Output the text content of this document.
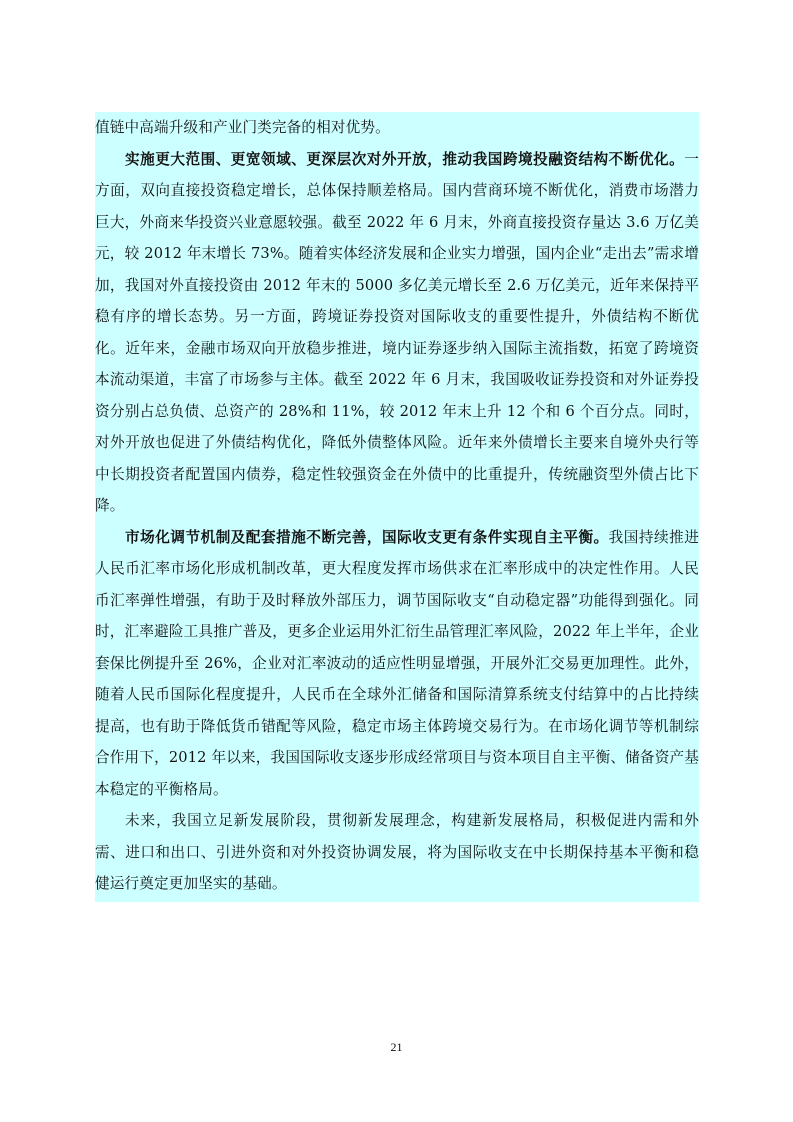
值链中高端升级和产业门类完备的相对优势。

实施更大范围、更宽领域、更深层次对外开放，推动我国跨境投融资结构不断优化。一方面，双向直接投资稳定增长，总体保持顺差格局。国内营商环境不断优化，消费市场潜力巨大，外商来华投资兴业意愿较强。截至 2022 年 6 月末，外商直接投资存量达 3.6 万亿美元，较 2012 年末增长 73%。随着实体经济发展和企业实力增强，国内企业“走出去”需求增加，我国对外直接投资由 2012 年末的 5000 多亿美元增长至 2.6 万亿美元，近年来保持平稳有序的增长态势。另一方面，跨境证券投资对国际收支的重要性提升，外债结构不断优化。近年来，金融市场双向开放稳步推进，境内证券逐步纳入国际主流指数，拓宽了跨境资本流动渠道，丰富了市场参与主体。截至 2022 年 6 月末，我国吸收证券投资和对外证券投资分别占总负债、总资产的 28%和 11%，较 2012 年末上升 12 个和 6 个百分点。同时，对外开放也促进了外债结构优化，降低外债整体风险。近年来外债增长主要来自境外央行等中长期投资者配置国内债券，稳定性较强资金在外债中的比重提升，传统融资型外债占比下降。

市场化调节机制及配套措施不断完善，国际收支更有条件实现自主平衡。我国持续推进人民币汇率市场化形成机制改革，更大程度发挥市场供求在汇率形成中的决定性作用。人民币汇率弹性增强，有助于及时释放外部压力，调节国际收支“自动稳定器”功能得到强化。同时，汇率避险工具推广普及，更多企业运用外汇衍生品管理汇率风险，2022 年上半年，企业套保比例提升至 26%，企业对汇率波动的适应性明显增强，开展外汇交易更加理性。此外，随着人民币国际化程度提升，人民币在全球外汇储备和国际清算系统支付结算中的占比持续提高，也有助于降低货币错配等风险，稳定市场主体跨境交易行为。在市场化调节等机制综合作用下，2012 年以来，我国国际收支逐步形成经常项目与资本项目自主平衡、储备资产基本稳定的平衡格局。

未来，我国立足新发展阶段，贯彻新发展理念，构建新发展格局，积极促进内需和外需、进口和出口、引进外资和对外投资协调发展，将为国际收支在中长期保持基本平衡和稳健运行奠定更加坚实的基础。

21
